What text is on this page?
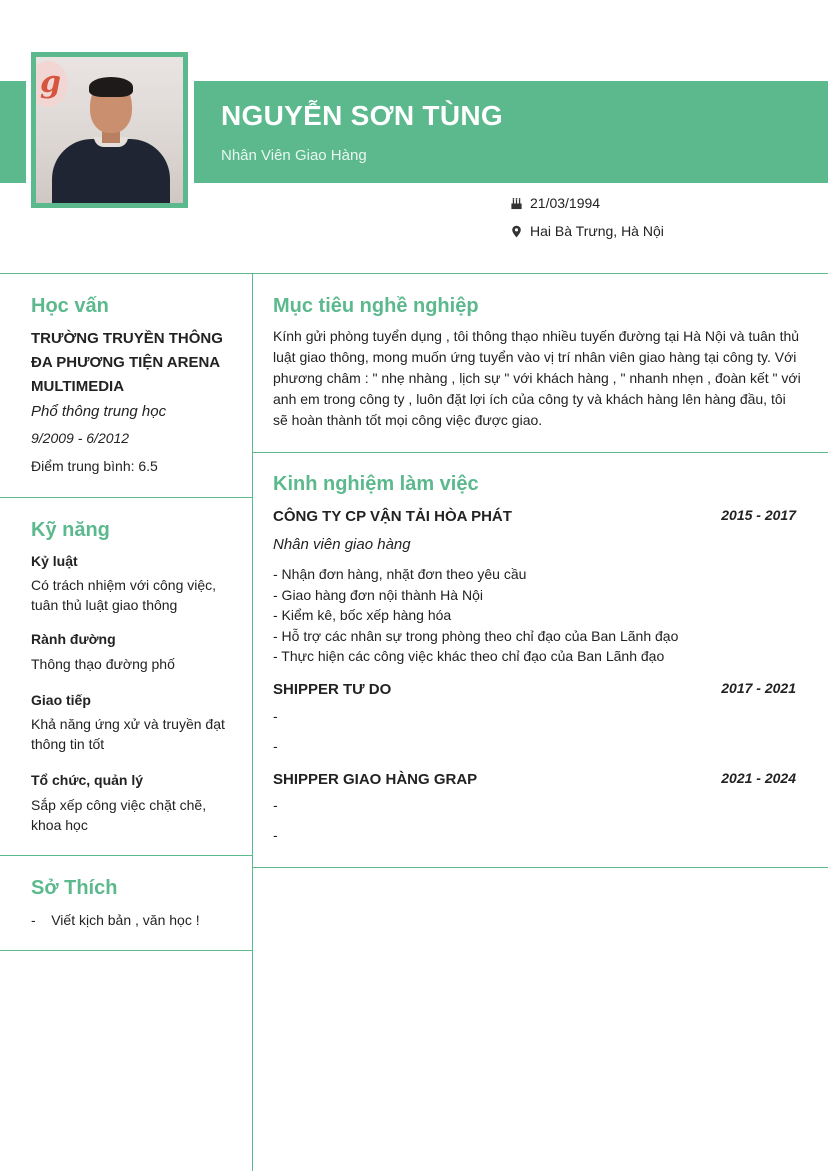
g
NGUYỄN SƠN TÙNG
Nhân Viên Giao Hàng
21/03/1994
Hai Bà Trưng, Hà Nội
Học vấn
TRƯỜNG TRUYỀN THÔNG ĐA PHƯƠNG TIỆN ARENA MULTIMEDIA
Phổ thông trung học
9/2009 - 6/2012
Điểm trung bình: 6.5
Kỹ năng
Kỷ luật
Có trách nhiệm với công việc, tuân thủ luật giao thông
Rành đường
Thông thạo đường phố
Giao tiếp
Khả năng ứng xử và truyền đạt thông tin tốt
Tổ chức, quản lý
Sắp xếp công việc chặt chẽ, khoa học
Sở Thích
-    Viết kịch bản , văn học !
Mục tiêu nghề nghiệp
Kính gửi phòng tuyển dụng , tôi thông thạo nhiều tuyến đường tại Hà Nội và tuân thủ luật giao thông, mong muốn ứng tuyển vào vị trí nhân viên giao hàng tại công ty. Với phương châm : " nhẹ nhàng , lịch sự " với khách hàng , " nhanh nhẹn , đoàn kết " với anh em trong công ty , luôn đặt lợi ích của công ty và khách hàng lên hàng đầu, tôi sẽ hoàn thành tốt mọi công việc được giao.
Kinh nghiệm làm việc
CÔNG TY CP VẬN TẢI HÒA PHÁT	2015 - 2017
Nhân viên giao hàng
- Nhận đơn hàng, nhặt đơn theo yêu cầu
- Giao hàng đơn nội thành Hà Nội
- Kiểm kê, bốc xếp hàng hóa
- Hỗ trợ các nhân sự trong phòng theo chỉ đạo của Ban Lãnh đạo
- Thực hiện các công việc khác theo chỉ đạo của Ban Lãnh đạo
SHIPPER TƯ DO	2017 - 2021
-
-
SHIPPER GIAO HÀNG GRAP	2021 - 2024
-
-
